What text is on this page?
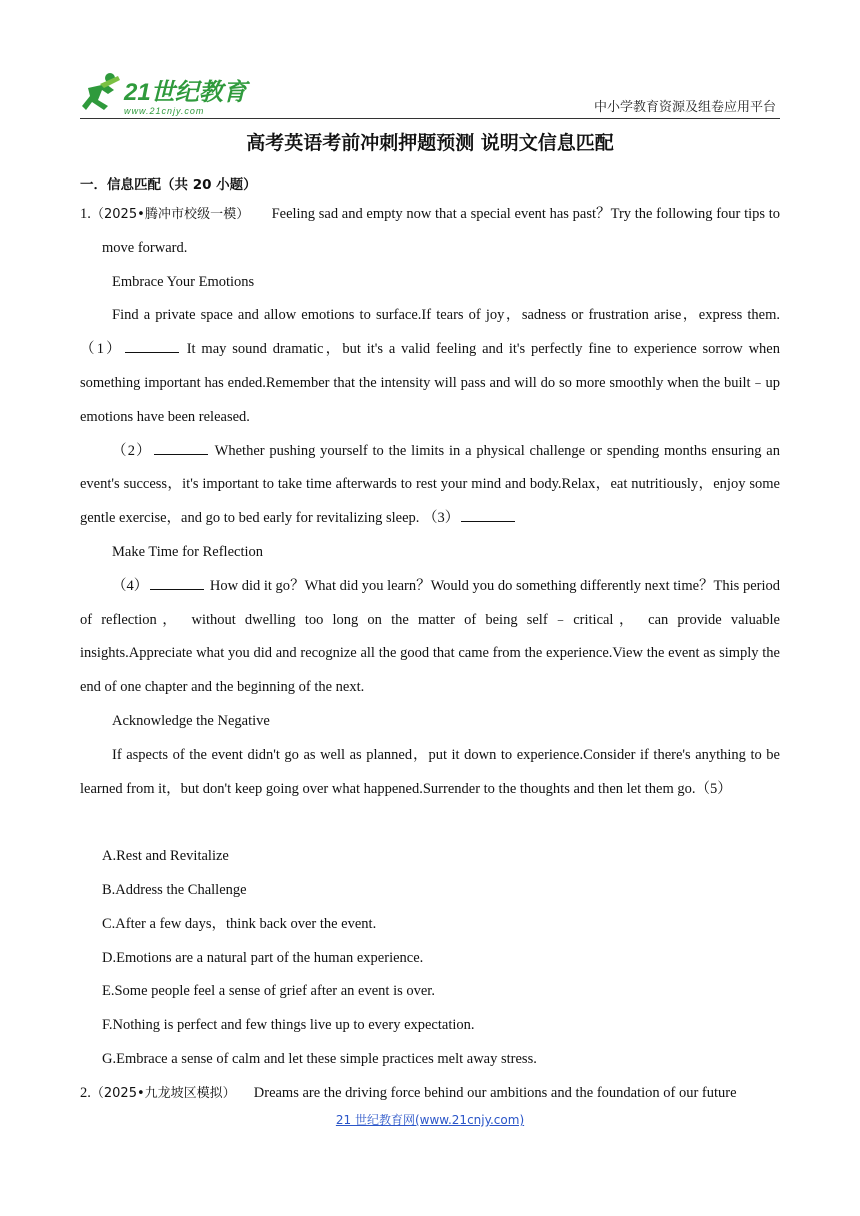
21世纪教育
www.21cnjy.com	中小学教育资源及组卷应用平台
高考英语考前冲刺押题预测 说明文信息匹配
一．信息匹配（共 20 小题）

1.（2025•腾冲市校级一模） Feeling sad and empty now that a special event has past？Try the following four tips to move forward.

Embrace Your Emotions

Find a private space and allow emotions to surface.If tears of joy，sadness or frustration arise，express them.（1）	It may sound dramatic，but it's a valid feeling and it's perfectly fine to experience sorrow when something important has ended.Remember that the intensity will pass and will do so more smoothly when the built﹣up emotions have been released.

（2）	Whether pushing yourself to the limits in a physical challenge or spending months ensuring an event's success，it's important to take time afterwards to rest your mind and body.Relax，eat nutritiously，enjoy some gentle exercise，and go to bed early for revitalizing sleep. （3）

Make Time for Reflection

（4）	How did it go？What did you learn？Would you do something differently next time？This period of reflection， without dwelling too long on the matter of being self﹣critical， can provide valuable insights.Appreciate what you did and recognize all the good that came from the experience.View the event as simply the end of one chapter and the beginning of the next.

Acknowledge the Negative

If aspects of the event didn't go as well as planned，put it down to experience.Consider if there's anything to be learned from it，but don't keep going over what happened.Surrender to the thoughts and then let them go.（5）

A.Rest and Revitalize

B.Address the Challenge

C.After a few days，think back over the event.

D.Emotions are a natural part of the human experience.

E.Some people feel a sense of grief after an event is over.

F.Nothing is perfect and few things live up to every expectation.

G.Embrace a sense of calm and let these simple practices melt away stress.

2.（2025•九龙坡区模拟） Dreams are the driving force behind our ambitions and the foundation of our future

21 世纪教育网(www.21cnjy.com)
